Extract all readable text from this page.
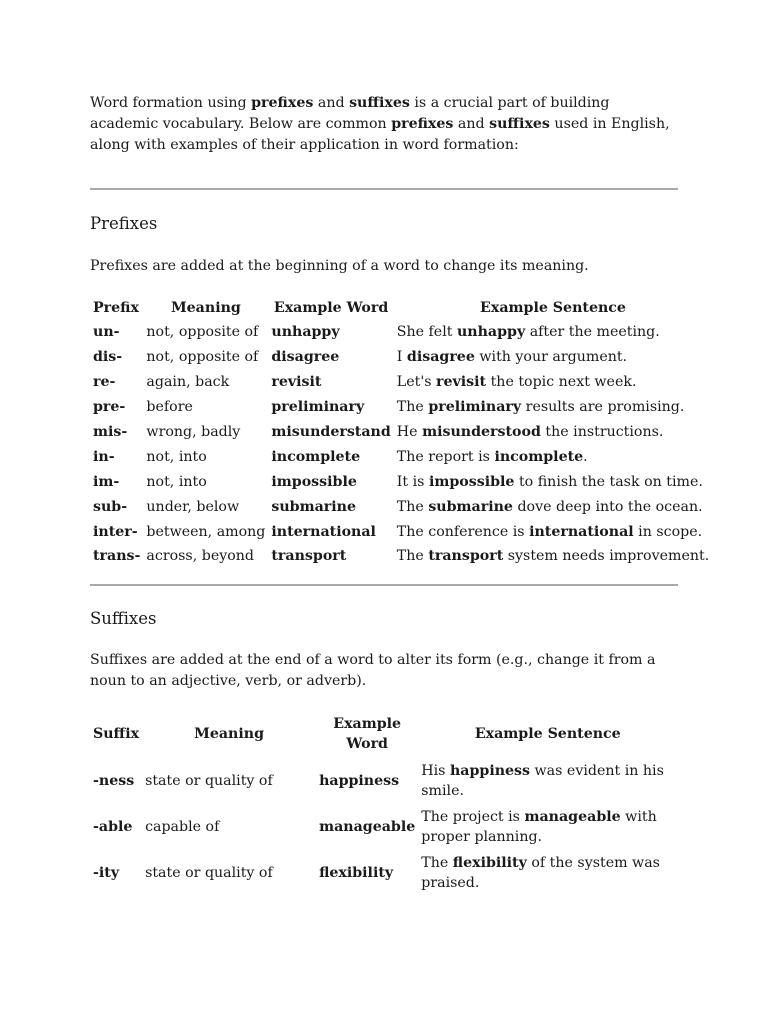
Word formation using prefixes and suffixes is a crucial part of building academic vocabulary. Below are common prefixes and suffixes used in English, along with examples of their application in word formation:

Prefixes

Prefixes are added at the beginning of a word to change its meaning.

Prefix	Meaning	Example Word	Example Sentence
un-	not, opposite of	unhappy	She felt unhappy after the meeting.
dis-	not, opposite of	disagree	I disagree with your argument.
re-	again, back	revisit	Let's revisit the topic next week.
pre-	before	preliminary	The preliminary results are promising.
mis-	wrong, badly	misunderstand	He misunderstood the instructions.
in-	not, into	incomplete	The report is incomplete.
im-	not, into	impossible	It is impossible to finish the task on time.
sub-	under, below	submarine	The submarine dove deep into the ocean.
inter-	between, among	international	The conference is international in scope.
trans-	across, beyond	transport	The transport system needs improvement.
Suffixes

Suffixes are added at the end of a word to alter its form (e.g., change it from a noun to an adjective, verb, or adverb).

Suffix	Meaning	Example Word	Example Sentence
-ness	state or quality of	happiness	His happiness was evident in his smile.
-able	capable of	manageable	The project is manageable with proper planning.
-ity	state or quality of	flexibility	The flexibility of the system was praised.
